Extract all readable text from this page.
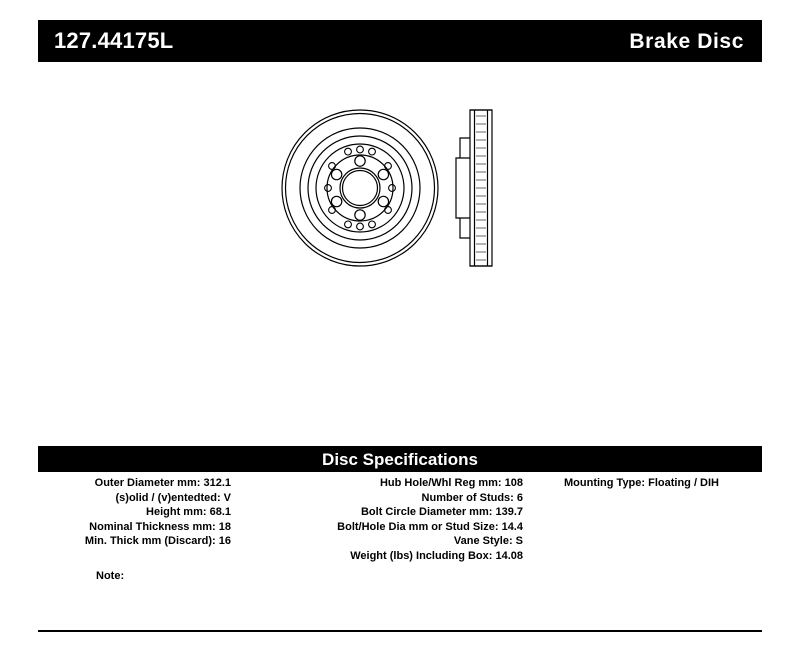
127.44175L	Brake Disc
Disc Specifications
Outer Diameter mm: 312.1
(s)olid / (v)entedted: V
Height mm: 68.1
Nominal Thickness mm: 18
Min. Thick mm (Discard): 16
Hub Hole/Whl Reg mm: 108
Number of Studs: 6
Bolt Circle Diameter mm: 139.7
Bolt/Hole Dia mm or Stud Size: 14.4
Vane Style: S
Weight (lbs) Including Box: 14.08
Mounting Type: Floating / DIH
Note:
